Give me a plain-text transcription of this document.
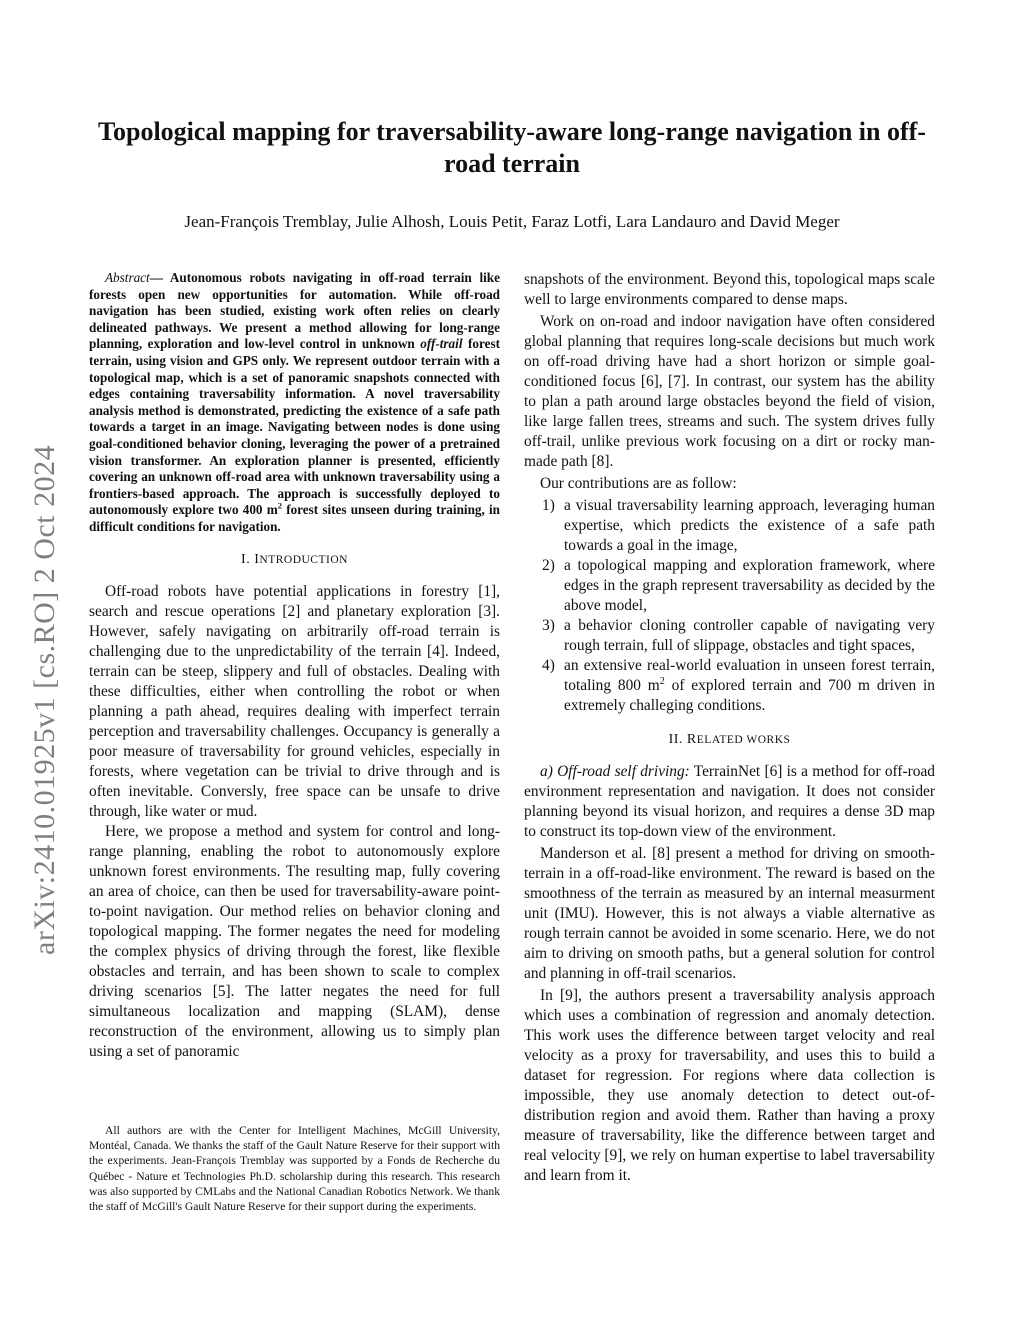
arXiv:2410.01925v1 [cs.RO] 2 Oct 2024
Topological mapping for traversability-aware long-range navigation in off-road terrain

Jean-François Tremblay, Julie Alhosh, Louis Petit, Faraz Lotfi, Lara Landauro and David Meger

Abstract— Autonomous robots navigating in off-road terrain like forests open new opportunities for automation. While off-road navigation has been studied, existing work often relies on clearly delineated pathways. We present a method allowing for long-range planning, exploration and low-level control in unknown off-trail forest terrain, using vision and GPS only. We represent outdoor terrain with a topological map, which is a set of panoramic snapshots connected with edges containing traversability information. A novel traversability analysis method is demonstrated, predicting the existence of a safe path towards a target in an image. Navigating between nodes is done using goal-conditioned behavior cloning, leveraging the power of a pretrained vision transformer. An exploration planner is presented, efficiently covering an unknown off-road area with unknown traversability using a frontiers-based approach. The approach is successfully deployed to autonomously explore two 400 $m^2$ forest sites unseen during training, in difficult conditions for navigation.

I. INTRODUCTION

Off-road robots have potential applications in forestry [1], search and rescue operations [2] and planetary exploration [3]. However, safely navigating on arbitrarily off-road terrain is challenging due to the unpredictability of the terrain [4]. Indeed, terrain can be steep, slippery and full of obstacles. Dealing with these difficulties, either when controlling the robot or when planning a path ahead, requires dealing with imperfect terrain perception and traversability challenges. Occupancy is generally a poor measure of traversability for ground vehicles, especially in forests, where vegetation can be trivial to drive through and is often inevitable. Conversly, free space can be unsafe to drive through, like water or mud.

Here, we propose a method and system for control and long-range planning, enabling the robot to autonomously explore unknown forest environments. The resulting map, fully covering an area of choice, can then be used for traversability-aware point-to-point navigation. Our method relies on behavior cloning and topological mapping. The former negates the need for modeling the complex physics of driving through the forest, like flexible obstacles and terrain, and has been shown to scale to complex driving scenarios [5]. The latter negates the need for full simultaneous localization and mapping (SLAM), dense reconstruction of the environment, allowing us to simply plan using a set of panoramic

snapshots of the environment. Beyond this, topological maps scale well to large environments compared to dense maps.

Work on on-road and indoor navigation have often considered global planning that requires long-scale decisions but much work on off-road driving have had a short horizon or simple goal-conditioned focus [6], [7]. In contrast, our system has the ability to plan a path around large obstacles beyond the field of vision, like large fallen trees, streams and such. The system drives fully off-trail, unlike previous work focusing on a dirt or rocky man-made path [8].

Our contributions are as follow:

1) a visual traversability learning approach, leveraging human expertise, which predicts the existence of a safe path towards a goal in the image,
2) a topological mapping and exploration framework, where edges in the graph represent traversability as decided by the above model,
3) a behavior cloning controller capable of navigating very rough terrain, full of slippage, obstacles and tight spaces,
4) an extensive real-world evaluation in unseen forest terrain, totaling 800 $m^2$ of explored terrain and 700 m driven in extremely challeging conditions.
II. RELATED WORKS

a) Off-road self driving: TerrainNet [6] is a method for off-road environment representation and navigation. It does not consider planning beyond its visual horizon, and requires a dense 3D map to construct its top-down view of the environment.

Manderson et al. [8] present a method for driving on smooth-terrain in a off-road-like environment. The reward is based on the smoothness of the terrain as measured by an internal measurment unit (IMU). However, this is not always a viable alternative as rough terrain cannot be avoided in some scenario. Here, we do not aim to driving on smooth paths, but a general solution for control and planning in off-trail scenarios.

In [9], the authors present a traversability analysis approach which uses a combination of regression and anomaly detection. This work uses the difference between target velocity and real velocity as a proxy for traversability, and uses this to build a dataset for regression. For regions where data collection is impossible, they use anomaly detection to detect out-of-distribution region and avoid them. Rather than having a proxy measure of traversability, like the difference between target and real velocity [9], we rely on human expertise to label traversability and learn from it.

All authors are with the Center for Intelligent Machines, McGill University, Montéal, Canada. We thanks the staff of the Gault Nature Reserve for their support with the experiments. Jean-François Tremblay was supported by a Fonds de Recherche du Québec - Nature et Technologies Ph.D. scholarship during this research. This research was also supported by CMLabs and the National Canadian Robotics Network. We thank the staff of McGill's Gault Nature Reserve for their support during the experiments.
